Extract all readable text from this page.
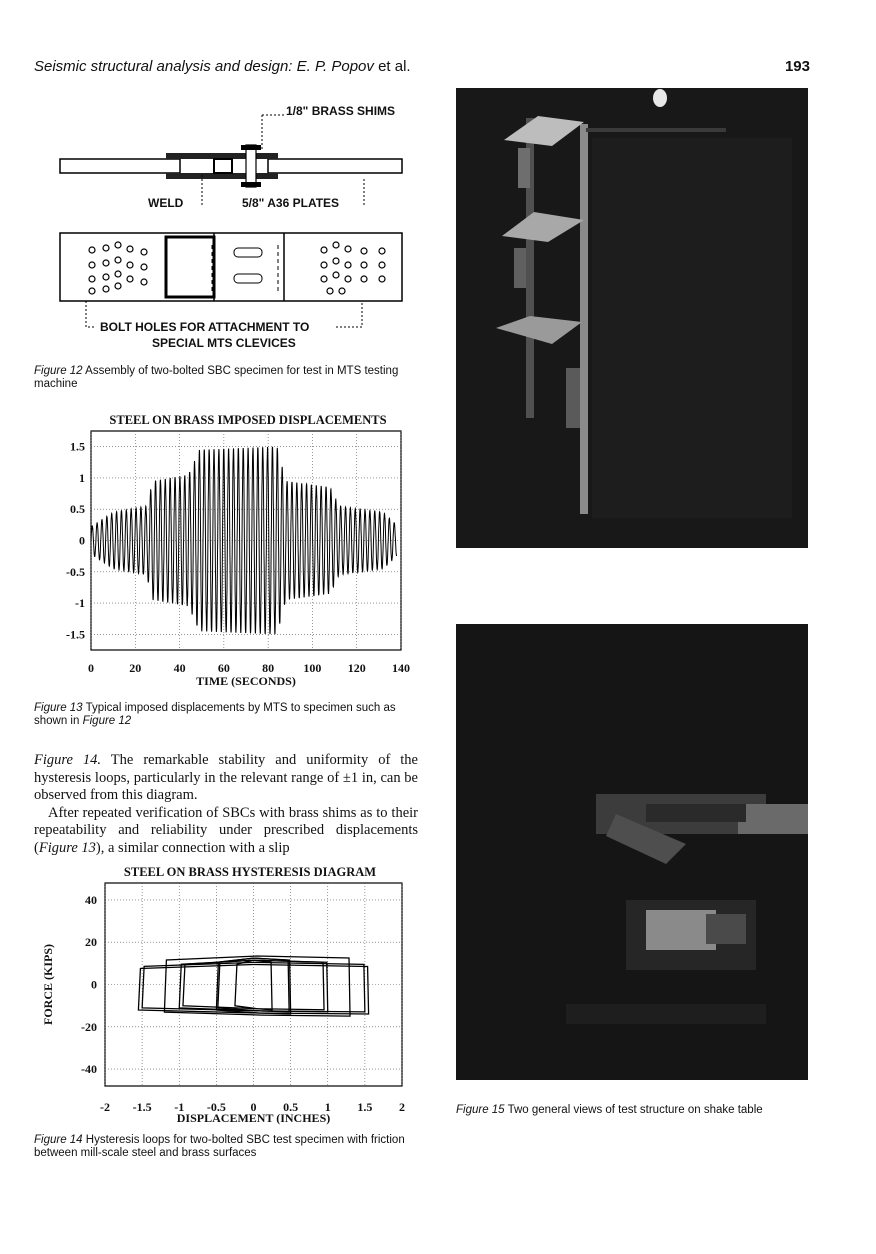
Seismic structural analysis and design: E. P. Popov et al.	193
1/8" BRASS SHIMS
WELD	5/8" A36 PLATES
BOLT HOLES FOR ATTACHMENT TO
SPECIAL MTS CLEVICES
Figure 12 Assembly of two-bolted SBC specimen for test in MTS testing machine
STEEL ON BRASS IMPOSED DISPLACEMENTS
1.5
1
0.5
0
-0.5
-1
-1.5
0	20	40	60	80 100 120 140
TIME (SECONDS)
Figure 13 Typical imposed displacements by MTS to specimen such as shown in Figure 12

Figure 14. The remarkable stability and uniformity of the hysteresis loops, particularly in the relevant range of ±1 in, can be observed from this diagram.

After repeated verification of SBCs with brass shims as to their repeatability and reliability under prescribed displacements (Figure 13), a similar connection with a slip

STEEL ON BRASS HYSTERESIS DIAGRAM
40
20
0
-20
-40
-2 -1.5 -1 -0.5 0 0.5 1 1.5 2
DISPLACEMENT (INCHES)
FORCE (KIPS)
Figure 14 Hysteresis loops for two-bolted SBC test specimen with friction between mill-scale steel and brass surfaces
Figure 15 Two general views of test structure on shake table
